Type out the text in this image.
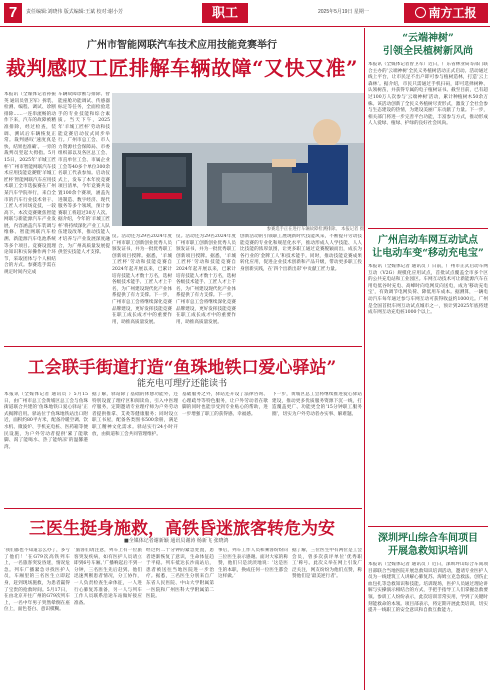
7	责任编辑:刘晓伟 版式编辑:王斌 校对:谢小芳	职工	2025年5月19日 星期一	南方工报
广州市智能网联汽车技术应用技能竞赛举行
裁判感叹工匠排解车辆故障“又快又准”
本报讯（全媒体记者孙振英 通讯员曾卫军）拆装、检测、编程、调试、诊断排除……一连串流畅的动作下来，汽车的故障被精准排除，经过检查，装调、测试后车辆恢复正常。裁判感叹‘速度真是快，结果也准确’。一旁的裁判员竖起大拇指。5月15日，2025年‘羊城工匠杯’广州市智能网联汽车技术应用技能竞赛暨‘羊城工匠杯’智能网联汽车应用技术职工全市选拔赛在广州某汽车学院举行，来自全市的汽车行业技术骨干、工匠人才同场竞技，一较高下。本次竞赛聚焦智能网联与新能源汽车产业发展，内容涵盖汽车装调与维修、智能网联汽车检测、新能源汽车电池系统等多个项目。竞赛设置理论知识和实际操作两个环节，采取团体与个人相结合的方式。参赛选手需在规定时间内完成
车辆故障诊断与排除、智能座舱功能调试、传感器标定等任务，全面检验选手的专业技能和综合素质。当天下午，2025年‘羊城工匠杯’劳动和技能竞赛启动仪式同步举行。广州市总工会、市人力资源社会保障局、市委组织部以及各区总工会、市直单位工会、市属企业工会等40多个单位300余名职工代表参加。启动仪式上，发布了本年度竞赛项目清单，今年竞赛共设置100余个赛项，涵盖先进制造、数字经济、现代服务等多个领域，预计参赛职工将超过30万人次。据介绍，今年的‘羊城工匠杯’将持续深化产业工人队伍建设改革，推动技能人才培养与产业发展深度融合，为广州高质量发展提供坚实技能人才支撑。
参赛选手正在进行车辆故障检测排除。 本报记者 摄
仪。活动还为29名2024年度广州市职工创新创业优秀人员颁发证书，并为一批优秀职工创新项目授牌。据悉，‘羊城工匠杯’劳动和技能竞赛自2024年起开展以来，已累计培育技能人才数十万名，选树各级技术能手、工匠人才上千名，为广州建设现代化产业体系提供了有力支撑。下一步，广州市总工会将继续深化竞赛品牌建设，更好发挥技能竞赛在职工成长成才中的重要作用，助推高质量发展。
仪。活动还为29名2024年度广州市职工创新创业优秀人员颁发证书，并为一批优秀职工创新项目授牌。据悉，‘羊城工匠杯’劳动和技能竞赛自2024年起开展以来，已累计培育技能人才数十万名，选树各级技术能手、工匠人才上千名，为广州建设现代化产业体系提供了有力支撑。下一步，广州市总工会将继续深化竞赛品牌建设，更好发挥技能竞赛在职工成长成才中的重要作用，助推高质量发展。
创新活动的引领职工展现新时代技能风采，不断提升劳动技能竞赛的专业化和规范化水平，推动形成人人学技能、人人比技能的浓厚氛围，让更多职工通过竞赛脱颖而出，成长为各行业的‘金牌工人’和技术能手。同时，推动技能竞赛成果转化应用，促进企业技术创新和产品升级，带动更多职工投身创新实践，在‘四个出新出彩’中贡献工匠力量。
工会联手街道打造“鱼珠地铁口爱心驿站”
能充电可理疗还能读书
本报讯（全媒体记者 通讯员 ）5月15日，由广州市总工会黄埔区总工会与鱼珠街道联合共建的‘鱼珠地铁口爱心驿站’正式揭牌启用。驿站位于鱼珠地铁站出口附近，面积约80平方米，配备冷暖空调、饮水机、微波炉、手机充电桩、医药箱等便民设施，为户外劳动者提供‘累了能歇脚、渴了能喝水、热了能纳凉’的温馨港湾。
据了解，驿站除了基础的休憩功能外，还特别设置了理疗区和阅读角，引入中医理疗服务，定期邀请专业理疗师为户外劳动者提供推拿、艾灸等健康服务；同时设立职工书屋，配备各类图书500余册，满足职工精神文化需求。驿站实行24小时开放，由街道和工会共同管理维护。
基础服务之外，驿站还开设了法律咨询、心理疏导等特色服务，让户外劳动者在歇脚的同时也能享受到专业贴心的帮助，进一步增强了职工的获得感、幸福感。
下一步，黄埔区总工会将继续推进爱心驿站建设，推动更多优质服务资源下沉一线，打造覆盖更广、功能更全的‘15分钟职工服务圈’，切实为户外劳动者办实事、解难题。
三医生挺身施救，高铁昏迷旅客转危为安
■全媒体记者谢新颖 通讯员谢涛 杨新飞 张晓鸿
‘我们都也不知道怎么办了，多亏了他们！’在G79次高铁列车上，一名旅客突发昏迷，情况危急。列车广播紧急寻找医护人员，车厢里的三名医生立即起身，赶到现场施救，为患者赢得了宝贵的抢救时间。5月17日，在由北京开往广州的G79次列车上，一名中年男子突然晕倒在座位上，面色苍白、意识模糊。
‘旅客们请注意，列车上有一位旅客突发疾病，如有医护人员请立即到6号车厢。’广播响起后不到一分钟，三名医生先后赶到。他们迅速判断患者情况，分工协作，一人负责检查生命体征，一人进行心肺复苏准备，另一人与列车工作人员联系沿途车站做好接应准备。
经过约二十分钟的紧急处置，患者逐渐恢复了意识，生命体征趋于平稳。列车抵达长沙南站后，患者被送往当地医院进一步治疗。据悉，三名医生分别来自广东省人民医院、中山大学附属第一医院和广州医科大学附属第二医院。
事后，列车工作人员和乘客纷纷向三位医生表示感谢。面对大家的称赞，他们只是淡淡地说：‘这是医生的本职，换成任何一位医生都会这样做。’
据了解，三位医生中有两位是工会会员，曾多次获评单位‘优秀职工’称号。此次义举在网上引发广泛关注，网友纷纷为他们点赞，称赞他们是‘最美逆行者’。
“云端神树”
引领全民植树新风尚
本报讯（全媒体记者曾卫军）近日，广东省林业局等部门联合主办的‘云端神树’全民义务植树活动正式启动。活动通过线上平台，让市民足不出户即可参与植树造林，打造‘云上森林’。据介绍，市民只需通过手机扫码，即可选择树种、认领树苗，并获得专属的电子植树证书。截至目前，已有超过100万人次参与‘云端神树’活动，累计种植树木50余万株。该活动创新了全民义务植树尽责形式，激发了全社会参与生态建设的热情，为建设美丽广东贡献了力量。下一步，相关部门将进一步完善平台功能，丰富参与方式，推动形成人人爱绿、植绿、护绿的良好社会风尚。
广州启动车网互动试点
让电动车变“移动充电宝”
本报讯（全媒体记者 通讯员 ）日前，广州市正式启动车网互动（V2G）规模化应用试点，首批试点覆盖全市多个区的公共充电站和工业园区。车网互动技术可让新能源汽车在用电低谷时充电、高峰时向电网反向送电，成为‘移动充电宝’，有效调节电网负荷、降低用车成本。据测算，一辆电动汽车每年通过参与车网互动可获得收益约1000元。广州是全国首批车网互动试点城市之一，预计到2025年底将建成车网互动充电桩1000个以上。
深圳坪山综合车间项目
开展急救知识培训
本报讯（全媒体记者 通讯员 ）近日，深圳坪山综合车间项目部联合当地医院开展急救知识培训活动，邀请专业医护人员为一线建筑工人讲解心肺复苏、海姆立克急救法、创伤止血包扎等急救知识和技能。培训现场，医护人员通过理论讲解与实操演示相结合的方式，手把手指导工人们掌握急救要领。参训工人纷纷表示，此次培训非常实用，学到了关键时刻能救命的本领。项目部表示，将定期开展此类培训，切实提升一线职工的安全意识和自救互救能力。
